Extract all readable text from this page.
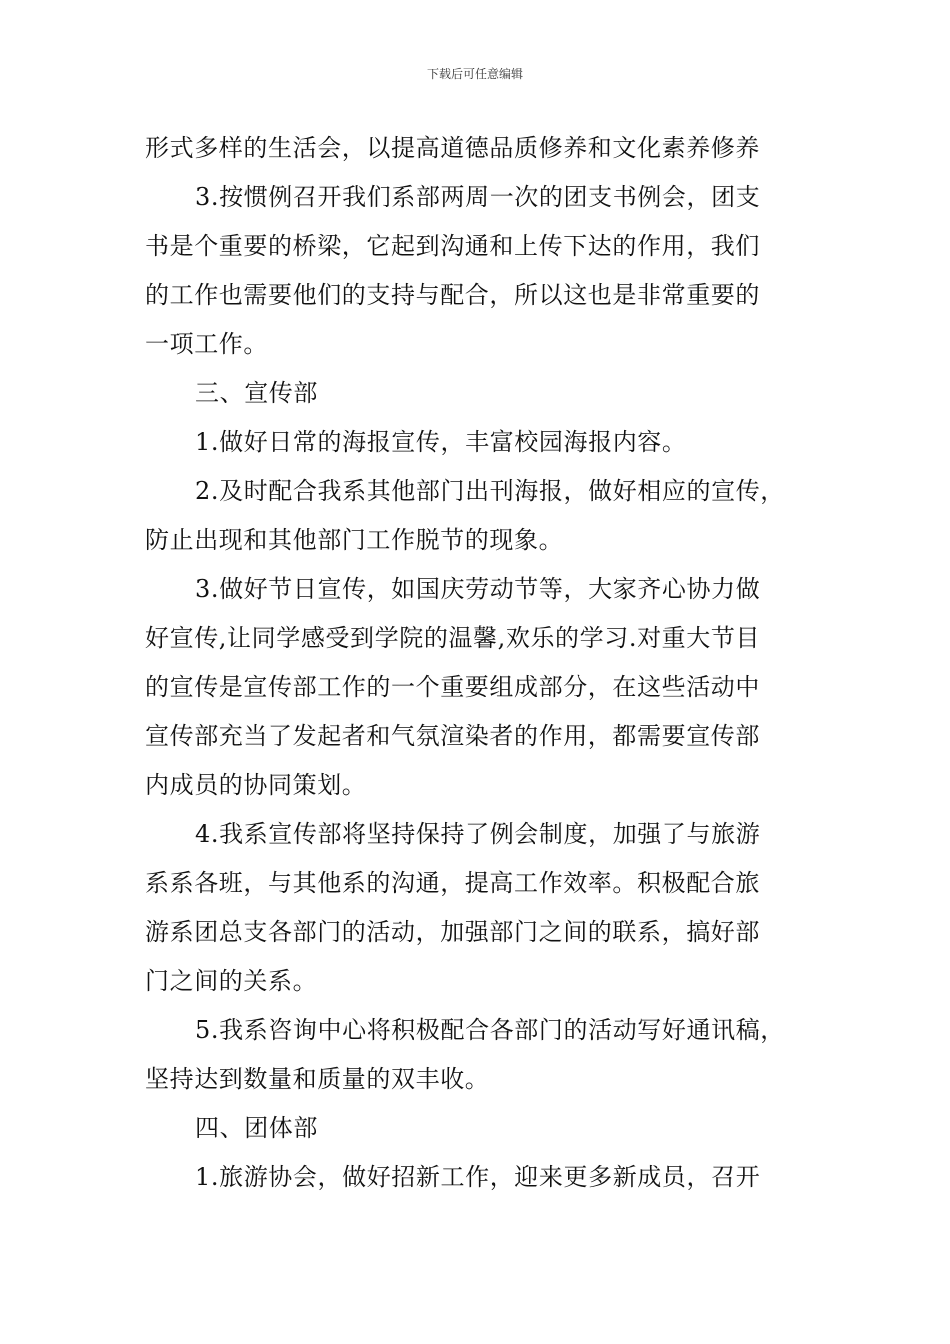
下载后可任意编辑
形式多样的生活会，以提高道德品质修养和文化素养修养
3.按惯例召开我们系部两周一次的团支书例会，团支
书是个重要的桥梁，它起到沟通和上传下达的作用，我们
的工作也需要他们的支持与配合，所以这也是非常重要的
一项工作。
三、宣传部
1.做好日常的海报宣传，丰富校园海报内容。
2.及时配合我系其他部门出刊海报，做好相应的宣传，
防止出现和其他部门工作脱节的现象。
3.做好节日宣传，如国庆劳动节等，大家齐心协力做
好宣传,让同学感受到学院的温馨,欢乐的学习.对重大节目
的宣传是宣传部工作的一个重要组成部分，在这些活动中
宣传部充当了发起者和气氛渲染者的作用，都需要宣传部
内成员的协同策划。
4.我系宣传部将坚持保持了例会制度，加强了与旅游
系系各班，与其他系的沟通，提高工作效率。积极配合旅
游系团总支各部门的活动，加强部门之间的联系，搞好部
门之间的关系。
5.我系咨询中心将积极配合各部门的活动写好通讯稿，
坚持达到数量和质量的双丰收。
四、团体部
1.旅游协会，做好招新工作，迎来更多新成员，召开
